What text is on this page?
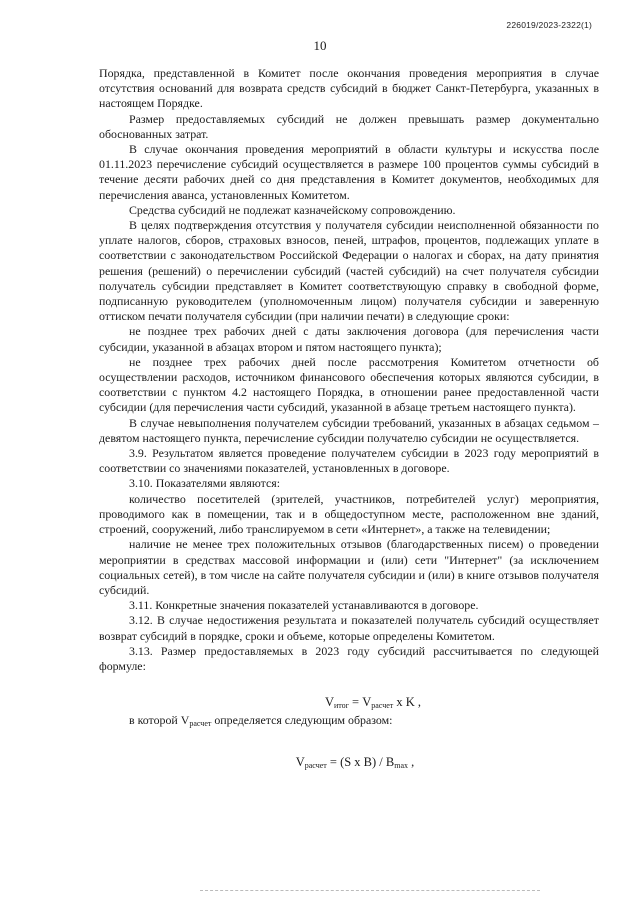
226019/2023-2322(1)
10

Порядка, представленной в Комитет после окончания проведения мероприятия в случае отсутствия оснований для возврата средств субсидий в бюджет Санкт-Петербурга, указанных в настоящем Порядке.

Размер предоставляемых субсидий не должен превышать размер документально обоснованных затрат.

В случае окончания проведения мероприятий в области культуры и искусства после 01.11.2023 перечисление субсидий осуществляется в размере 100 процентов суммы субсидий в течение десяти рабочих дней со дня представления в Комитет документов, необходимых для перечисления аванса, установленных Комитетом.

Средства субсидий не подлежат казначейскому сопровождению.

В целях подтверждения отсутствия у получателя субсидии неисполненной обязанности по уплате налогов, сборов, страховых взносов, пеней, штрафов, процентов, подлежащих уплате в соответствии с законодательством Российской Федерации о налогах и сборах, на дату принятия решения (решений) о перечислении субсидий (частей субсидий) на счет получателя субсидии получатель субсидии представляет в Комитет соответствующую справку в свободной форме, подписанную руководителем (уполномоченным лицом) получателя субсидии и заверенную оттиском печати получателя субсидии (при наличии печати) в следующие сроки:

не позднее трех рабочих дней с даты заключения договора (для перечисления части субсидии, указанной в абзацах втором и пятом настоящего пункта);

не позднее трех рабочих дней после рассмотрения Комитетом отчетности об осуществлении расходов, источником финансового обеспечения которых являются субсидии, в соответствии с пунктом 4.2 настоящего Порядка, в отношении ранее предоставленной части субсидии (для перечисления части субсидий, указанной в абзаце третьем настоящего пункта).

В случае невыполнения получателем субсидии требований, указанных в абзацах седьмом – девятом настоящего пункта, перечисление субсидии получателю субсидии не осуществляется.

3.9. Результатом является проведение получателем субсидии в 2023 году мероприятий в соответствии со значениями показателей, установленных в договоре.

3.10. Показателями являются:

количество посетителей (зрителей, участников, потребителей услуг) мероприятия, проводимого как в помещении, так и в общедоступном месте, расположенном вне зданий, строений, сооружений, либо транслируемом в сети «Интернет», а также на телевидении;

наличие не менее трех положительных отзывов (благодарственных писем) о проведении мероприятии в средствах массовой информации и (или) сети "Интернет" (за исключением социальных сетей), в том числе на сайте получателя субсидии и (или) в книге отзывов получателя субсидий.

3.11. Конкретные значения показателей устанавливаются в договоре.

3.12. В случае недостижения результата и показателей получатель субсидий осуществляет возврат субсидий в порядке, сроки и объеме, которые определены Комитетом.

3.13. Размер предоставляемых в 2023 году субсидий рассчитывается по следующей формуле:

$V_{итог} = V_{расчет}$ x K ,

в которой $V_{расчет}$ определяется следующим образом:

$V_{расчет} = (S$ x $B) / B_{max}$ ,
